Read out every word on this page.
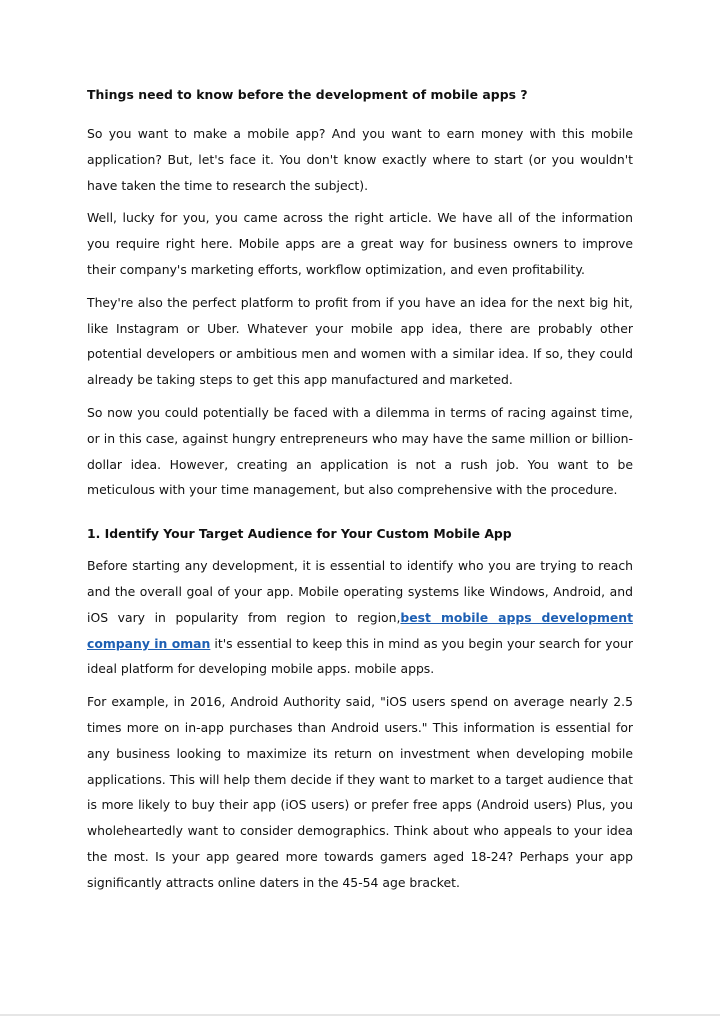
Things need to know before the development of mobile apps ?

So you want to make a mobile app? And you want to earn money with this mobile application? But, let's face it. You don't know exactly where to start (or you wouldn't have taken the time to research the subject).

Well, lucky for you, you came across the right article. We have all of the information you require right here. Mobile apps are a great way for business owners to improve their company's marketing efforts, workflow optimization, and even profitability.

They're also the perfect platform to profit from if you have an idea for the next big hit, like Instagram or Uber. Whatever your mobile app idea, there are probably other potential developers or ambitious men and women with a similar idea. If so, they could already be taking steps to get this app manufactured and marketed.

So now you could potentially be faced with a dilemma in terms of racing against time, or in this case, against hungry entrepreneurs who may have the same million or billion-dollar idea. However, creating an application is not a rush job. You want to be meticulous with your time management, but also comprehensive with the procedure.

1. Identify Your Target Audience for Your Custom Mobile App

Before starting any development, it is essential to identify who you are trying to reach and the overall goal of your app. Mobile operating systems like Windows, Android, and iOS vary in popularity from region to region,best mobile apps development company in oman it's essential to keep this in mind as you begin your search for your ideal platform for developing mobile apps. mobile apps.

For example, in 2016, Android Authority said, "iOS users spend on average nearly 2.5 times more on in-app purchases than Android users." This information is essential for any business looking to maximize its return on investment when developing mobile applications. This will help them decide if they want to market to a target audience that is more likely to buy their app (iOS users) or prefer free apps (Android users) Plus, you wholeheartedly want to consider demographics. Think about who appeals to your idea the most. Is your app geared more towards gamers aged 18-24? Perhaps your app significantly attracts online daters in the 45-54 age bracket.
